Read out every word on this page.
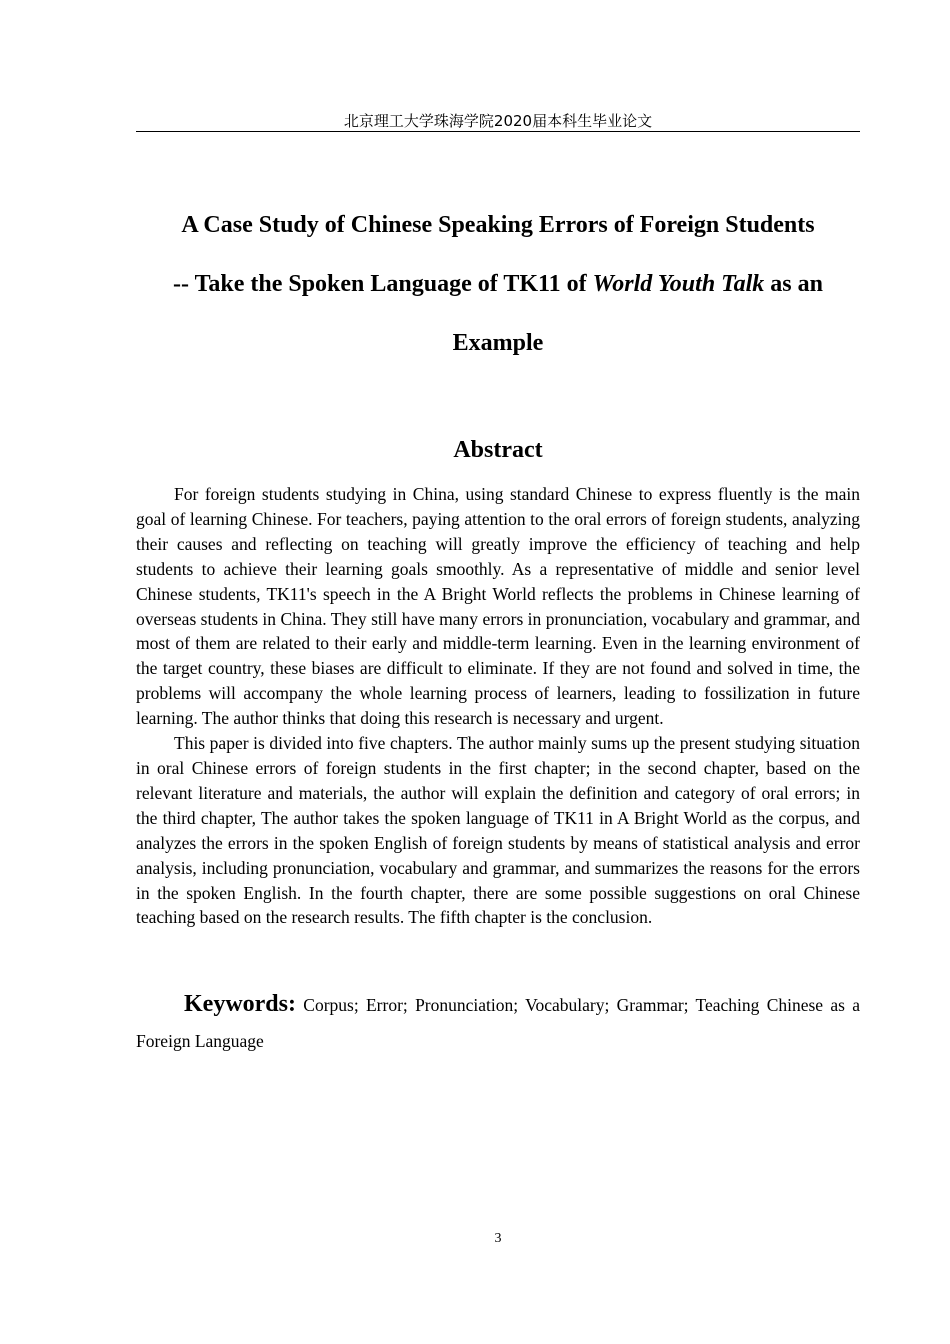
北京理工大学珠海学院2020届本科生毕业论文
A Case Study of Chinese Speaking Errors of Foreign Students
-- Take the Spoken Language of TK11 of World Youth Talk as an
Example
Abstract

For foreign students studying in China, using standard Chinese to express fluently is the main goal of learning Chinese. For teachers, paying attention to the oral errors of foreign students, analyzing their causes and reflecting on teaching will greatly improve the efficiency of teaching and help students to achieve their learning goals smoothly. As a representative of middle and senior level Chinese students, TK11's speech in the A Bright World reflects the problems in Chinese learning of overseas students in China. They still have many errors in pronunciation, vocabulary and grammar, and most of them are related to their early and middle-term learning. Even in the learning environment of the target country, these biases are difficult to eliminate. If they are not found and solved in time, the problems will accompany the whole learning process of learners, leading to fossilization in future learning. The author thinks that doing this research is necessary and urgent.

This paper is divided into five chapters. The author mainly sums up the present studying situation in oral Chinese errors of foreign students in the first chapter; in the second chapter, based on the relevant literature and materials, the author will explain the definition and category of oral errors; in the third chapter, The author takes the spoken language of TK11 in A Bright World as the corpus, and analyzes the errors in the spoken English of foreign students by means of statistical analysis and error analysis, including pronunciation, vocabulary and grammar, and summarizes the reasons for the errors in the spoken English. In the fourth chapter, there are some possible suggestions on oral Chinese teaching based on the research results. The fifth chapter is the conclusion.

Keywords: Corpus; Error; Pronunciation; Vocabulary; Grammar; Teaching Chinese as a Foreign Language
3
